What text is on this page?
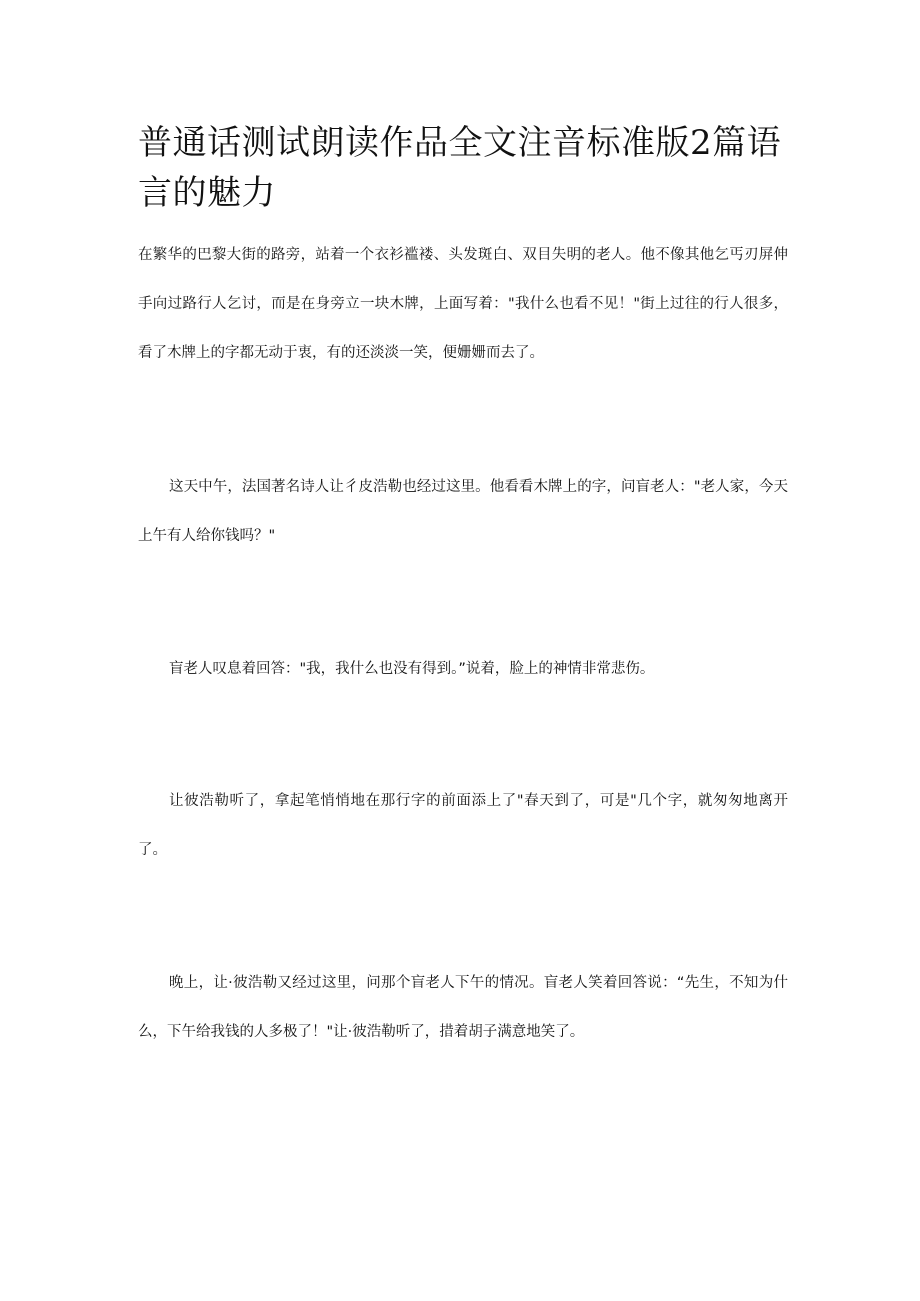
普通话测试朗读作品全文注音标准版2篇语言的魅力

在繁华的巴黎大街的路旁，站着一个衣衫褴褛、头发斑白、双目失明的老人。他不像其他乞丐刃屏伸手向过路行人乞讨，而是在身旁立一块木牌，上面写着："我什么也看不见！"街上过往的行人很多，看了木牌上的字都无动于衷，有的还淡淡一笑，便姗姗而去了。

这天中午，法国著名诗人让彳皮浩勒也经过这里。他看看木牌上的字，问盲老人："老人家，今天上午有人给你钱吗？"

盲老人叹息着回答："我，我什么也没有得到。”说着，脸上的神情非常悲伤。

让彼浩勒听了，拿起笔悄悄地在那行字的前面添上了"春天到了，可是"几个字，就匆匆地离开了。

晚上，让·彼浩勒又经过这里，问那个盲老人下午的情况。盲老人笑着回答说：“先生，不知为什么，下午给我钱的人多极了！"让·彼浩勒听了，措着胡子满意地笑了。
